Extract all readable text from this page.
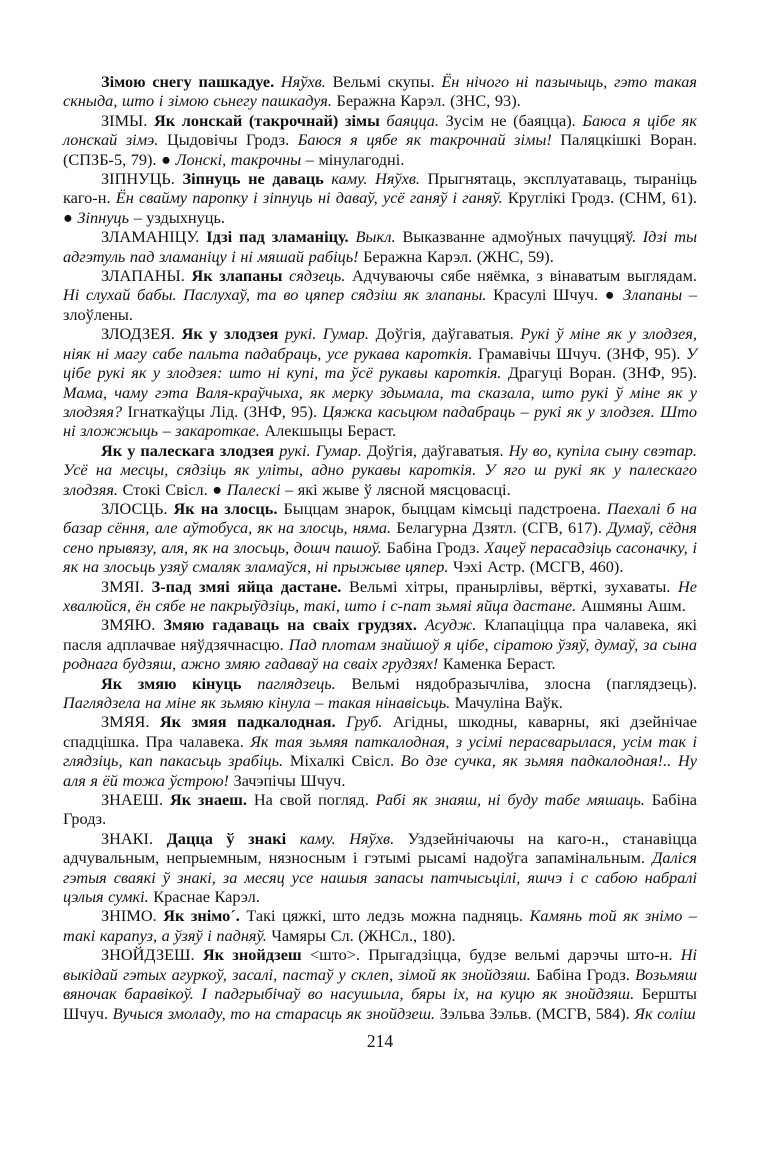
Зімою снегу пашкадуе. Няўхв. Вельмі скупы. Ён нічого ні пазычыць, гэто такая скныда, што і зімою сьнегу пашкадуя. Беражна Карэл. (ЗНС, 93).

ЗІМЫ. Як лонскай (такрочнай) зімы баяцца. Зусім не (баяцца). Баюса я цібе як лонскай зімэ. Цыдовічы Гродз. Баюся я цябе як такрочнай зімы! Паляцкішкі Воран. (СПЗБ-5, 79). ● Лонскі, такрочны – мінулагодні.

ЗІПНУЦЬ. Зіпнуць не даваць каму. Няўхв. Прыгнятаць, эксплуатаваць, тыраніць каго-н. Ён свайму паропку і зіпнуць ні даваў, усё ганяў і ганяў. Круглікі Гродз. (СНМ, 61). ● Зіпнуць – уздыхнуць.

ЗЛАМАНІЦУ. Ідзі пад зламаніцу. Выкл. Выказванне адмоўных пачуццяў. Ідзі ты адгэтуль пад зламаніцу і ні мяшай рабіць! Беражна Карэл. (ЖНС, 59).

ЗЛАПАНЫ. Як злапаны сядзець. Адчуваючы сябе няёмка, з вінаватым выглядам. Ні слухай бабы. Паслухаў, та во цяпер сядзіш як злапаны. Красулі Шчуч. ● Злапаны – злоўлены.

ЗЛОДЗЕЯ. Як у злодзея рукі. Гумар. Доўгія, даўгаватыя. Рукі ў міне як у злодзея, ніяк ні магу сабе пальта падабраць, усе рукава кароткія. Грамавічы Шчуч. (ЗНФ, 95). У цібе рукі як у злодзея: што ні купі, та ўсё рукавы кароткія. Драгуці Воран. (ЗНФ, 95). Мама, чаму гэта Валя-краўчыха, як мерку здымала, та сказала, што рукі ў міне як у злодзяя? Ігнаткаўцы Лід. (ЗНФ, 95). Цяжка касьцюм падабраць – рукі як у злодзея. Што ні зложжыць – закароткае. Алекшыцы Бераст.

Як у палескага злодзея рукі. Гумар. Доўгія, даўгаватыя. Ну во, купіла сыну свэтар. Усё на месцы, сядзіць як уліты, адно рукавы кароткія. У яго ш рукі як у палескаго злодзяя. Стокі Свісл. ● Палескі – які жыве ў лясной мясцовасці.

ЗЛОСЦЬ. Як на злосць. Быццам знарок, быццам кімсьці падстроена. Паехалі б на базар сёння, але аўтобуса, як на злосць, няма. Белагурна Дзятл. (СГВ, 617). Думаў, сёдня сено прывязу, аля, як на злосьць, дошч пашоў. Бабіна Гродз. Хацеў перасадзіць сасоначку, і як на злосьць узяў смаляк зламаўся, ні прыжыве цяпер. Чэхі Астр. (МСГВ, 460).

ЗМЯІ. З-пад змяі яйца дастане. Вельмі хітры, пранырлівы, вёрткі, зухаваты. Не хвалюйся, ён сябе не пакрыўдзіць, такі, што і с-пат зьмяі яйца дастане. Ашмяны Ашм.

ЗМЯЮ. Змяю гадаваць на сваіх грудзях. Асудж. Клапаціцца пра чалавека, які пасля адплачвае няўдзячнасцю. Пад плотам знайшоў я цібе, сіратою ўзяў, думаў, за сына роднага будзяш, ажно змяю гадаваў на сваіх грудзях! Каменка Бераст.

Як змяю кінуць паглядзець. Вельмі нядобразычліва, злосна (паглядзець). Паглядзела на міне як зьмяю кінула – такая нінавісьць. Мачуліна Ваўк.

ЗМЯЯ. Як змяя падкалодная. Груб. Агідны, шкодны, каварны, які дзейнічае спадцішка. Пра чалавека. Як тая зьмяя паткалодная, з усімі перасварылася, усім так і глядзіць, кап пакасьць зрабіць. Міхалкі Свісл. Во дзе сучка, як зьмяя падкалодная!.. Ну аля я ёй тожа ўстрою! Зачэпічы Шчуч.

ЗНАЕШ. Як знаеш. На свой погляд. Рабі як знаяш, ні буду табе мяшаць. Бабіна Гродз.

ЗНАКІ. Дацца ў знакі каму. Няўхв. Уздзейнічаючы на каго-н., станавіцца адчувальным, непрыемным, нязносным і гэтымі рысамі надоўга запамінальным. Даліся гэтыя сваякі ў знакі, за месяц усе нашыя запасы патчысьцілі, яшчэ і с сабою набралі цэлыя сумкі. Краснае Карэл.

ЗНІМО. Як знімо´. Такі цяжкі, што ледзь можна падняць. Камянь той як знімо – такі карапуз, а ўзяў і падняў. Чамяры Сл. (ЖНСл., 180).

ЗНОЙДЗЕШ. Як знойдзеш <што>. Прыгадзіцца, будзе вельмі дарэчы што-н. Ні выкідай гэтых агуркоў, засалі, пастаў у склеп, зімой як знойдзяш. Бабіна Гродз. Возьмяш вяночак баравікоў. І падгрыбічаў во насушыла, бяры іх, на куцю як знойдзяш. Бершты Шчуч. Вучыся змоладу, то на старасць як знойдзеш. Зэльва Зэльв. (МСГВ, 584). Як соліш

214
